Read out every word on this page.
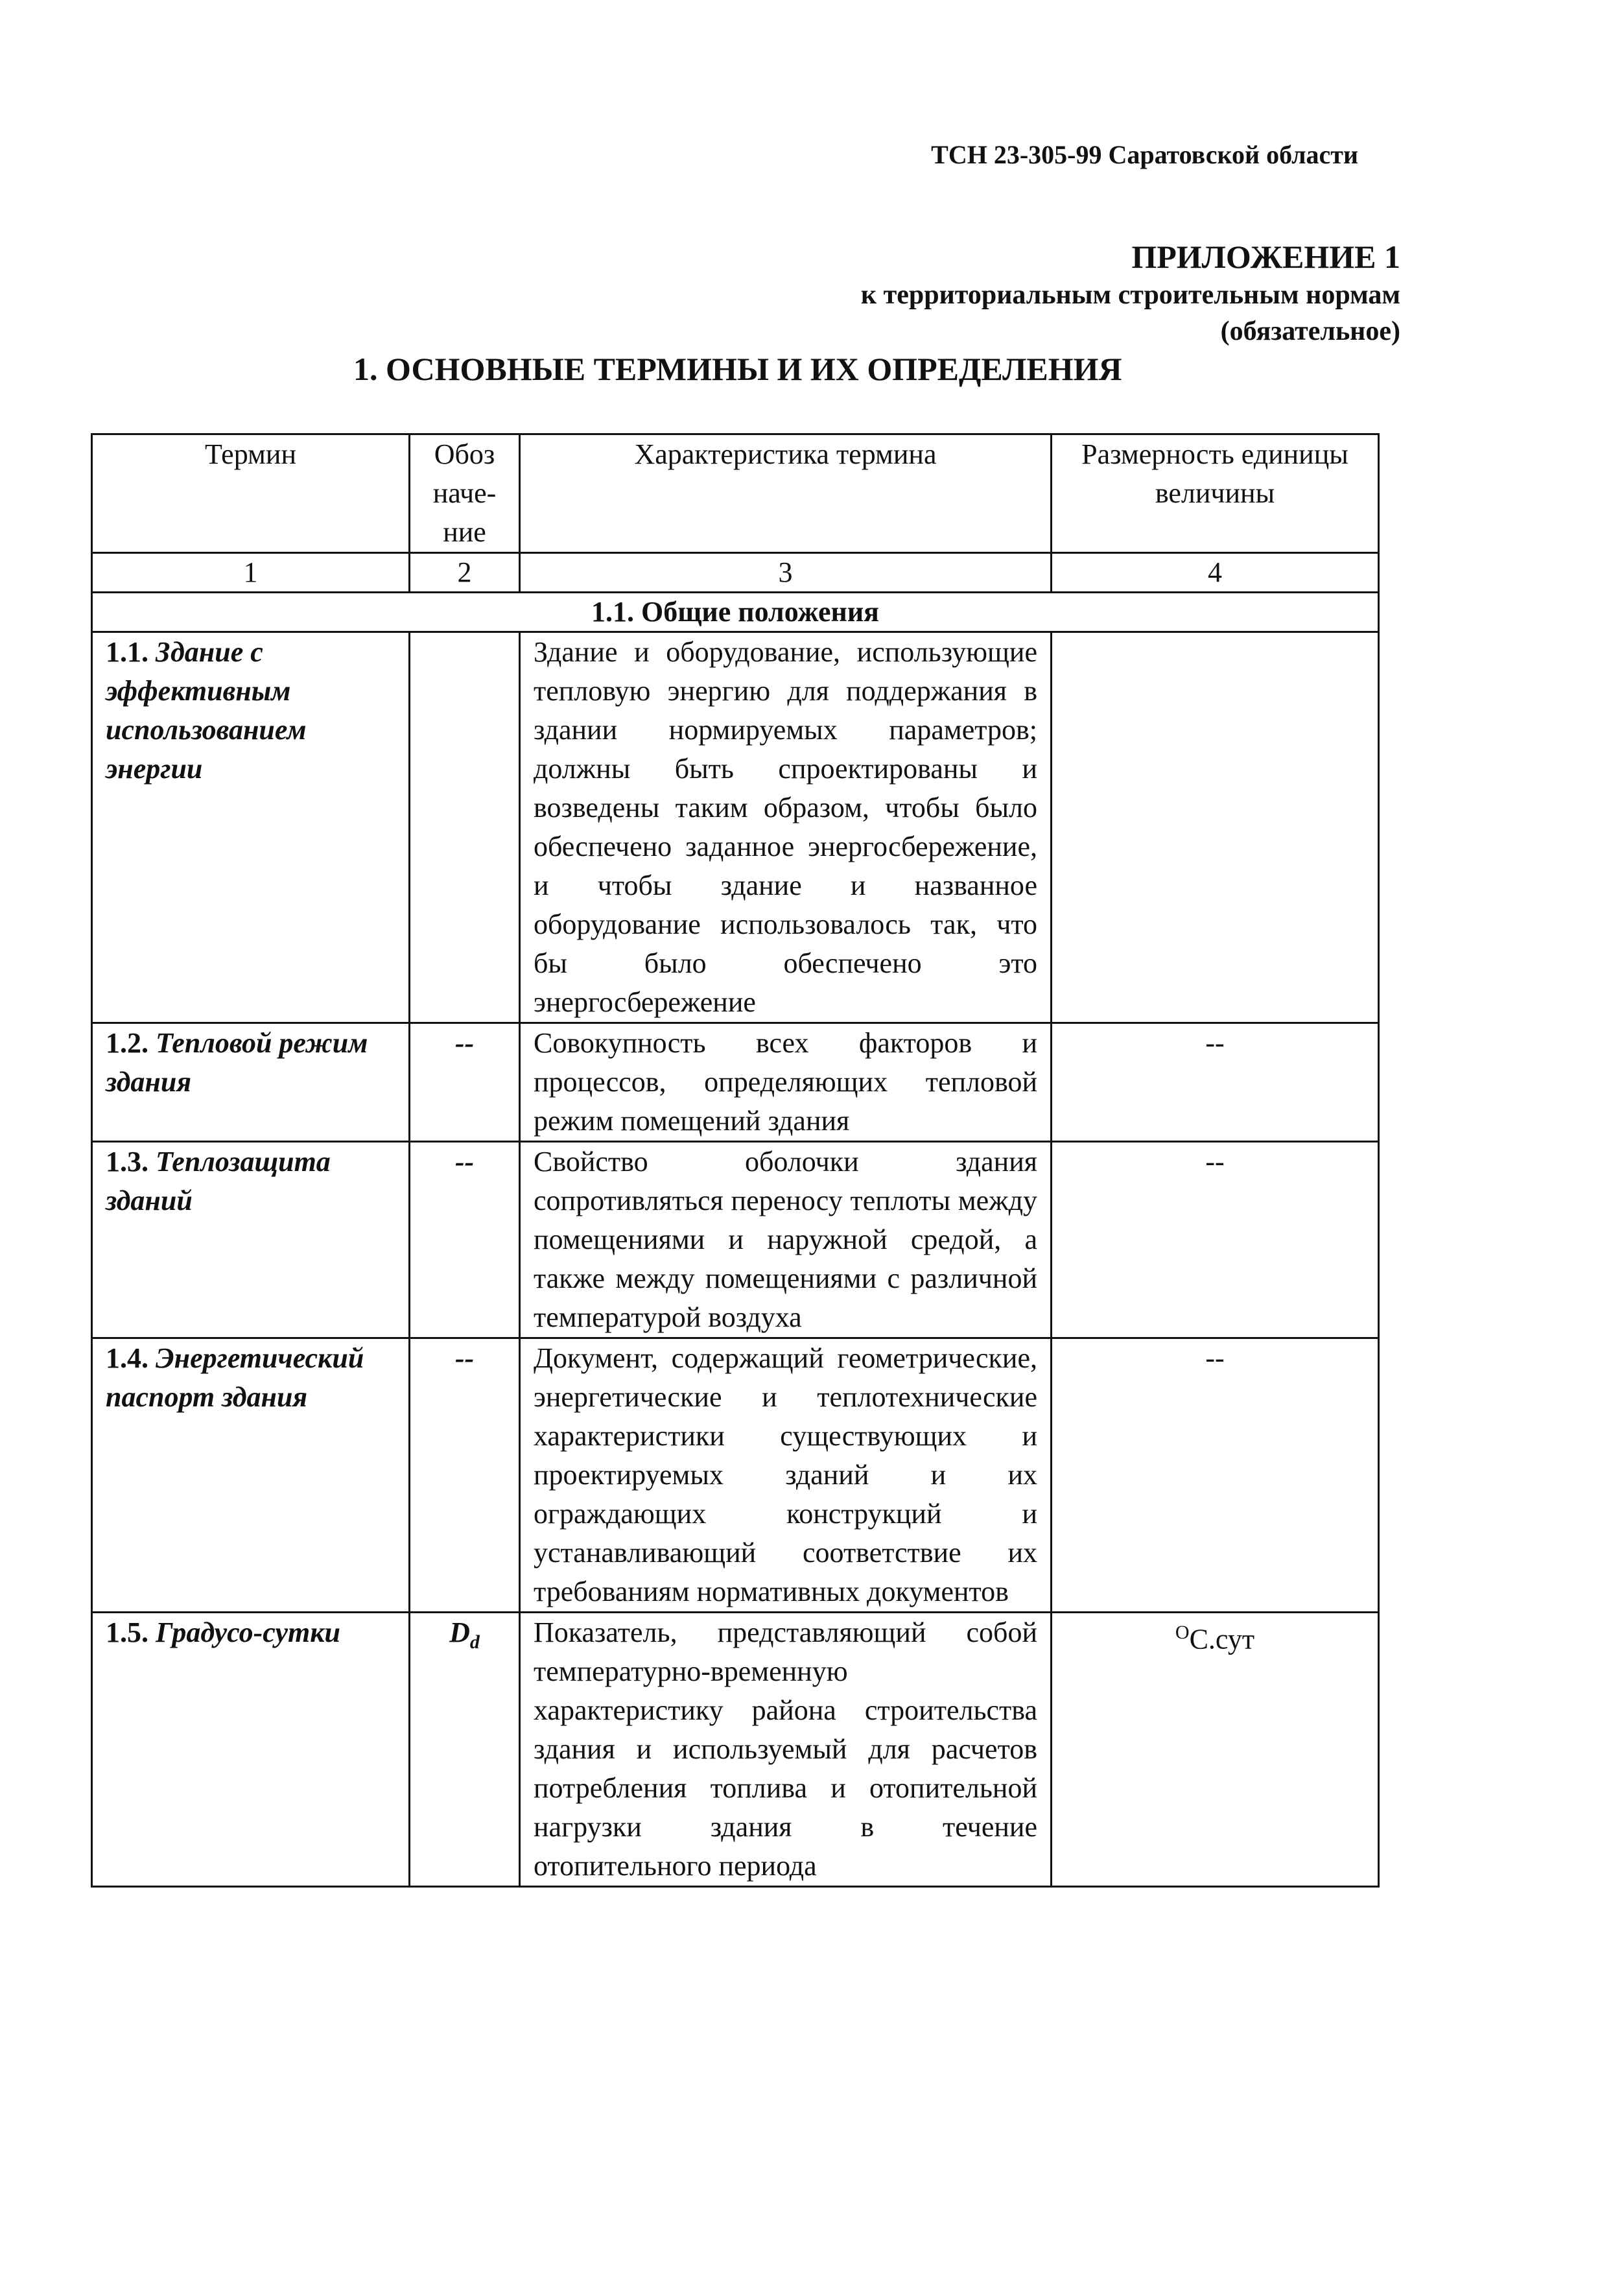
ТСН 23-305-99 Саратовской области

ПРИЛОЖЕНИЕ 1

к территориальным строительным нормам

(обязательное)

1. ОСНОВНЫЕ ТЕРМИНЫ И ИХ ОПРЕДЕЛЕНИЯ
Термин	Обоз наче-ние	Характеристика термина	Размерность единицы величины
1	2	3	4
1.1. Общие положения			
1.1. Здание с эффективным использованием энергии		Здание и оборудование, использующие тепловую энергию для поддержания в здании нормируемых параметров; должны быть спроектированы и возведены таким образом, чтобы было обеспечено заданное энергосбережение, и чтобы здание и названное оборудование использовалось так, что бы было обеспечено это энергосбережение	
1.2. Тепловой режим здания	--	Совокупность всех факторов и процессов, определяющих тепловой режим помещений здания	--
1.3. Теплозащита зданий	--	Свойство оболочки здания сопротивляться переносу теплоты между помещениями и наружной средой, а также между помещениями с различной температурой воздуха	--
1.4. Энергетический паспорт здания	--	Документ, содержащий геометрические, энергетические и теплотехнические характеристики существующих и проектируемых зданий и их ограждающих конструкций и устанавливающий соответствие их требованиям нормативных документов	--
1.5. Градусо-сутки	$D_d$	Показатель, представляющий собой температурно-временную характеристику района строительства здания и используемый для расчетов потребления топлива и отопительной нагрузки здания в течение отопительного периода	$^О$С.сут
